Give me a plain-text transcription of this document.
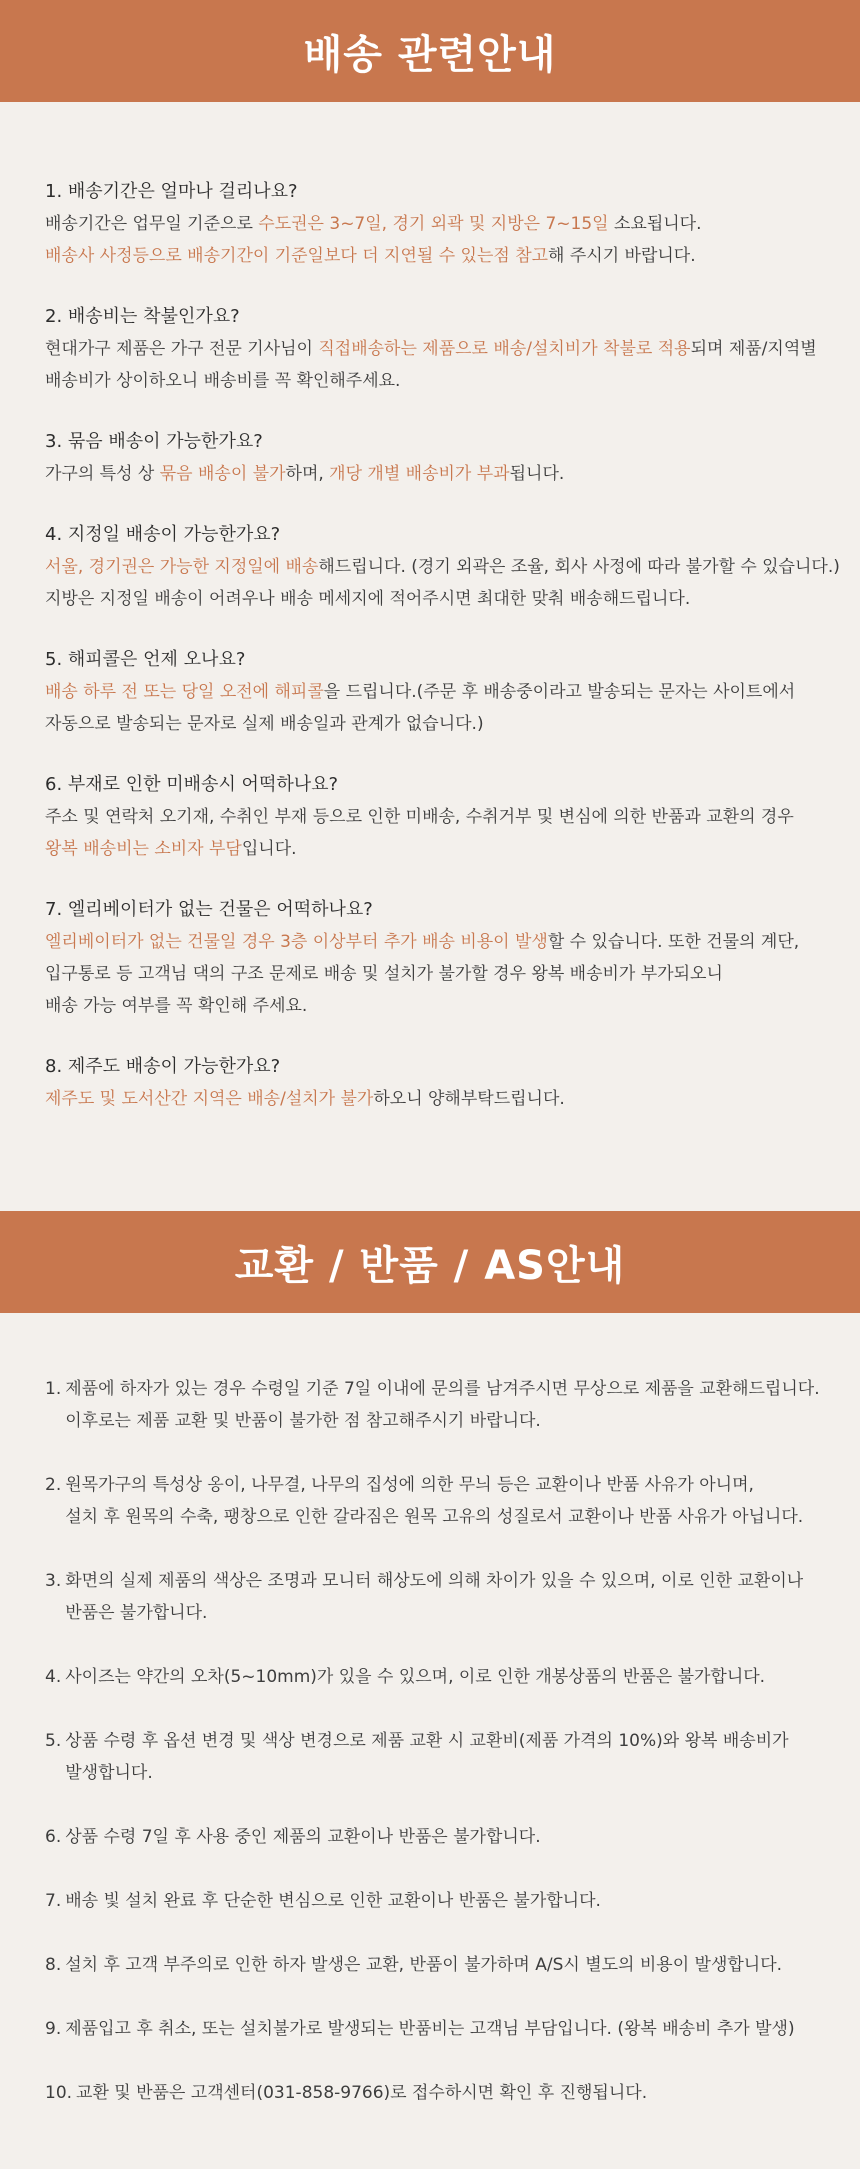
배송 관련안내
1. 배송기간은 얼마나 걸리나요?
배송기간은 업무일 기준으로 수도권은 3~7일, 경기 외곽 및 지방은 7~15일 소요됩니다.
배송사 사정등으로 배송기간이 기준일보다 더 지연될 수 있는점 참고해 주시기 바랍니다.
2. 배송비는 착불인가요?
현대가구 제품은 가구 전문 기사님이 직접배송하는 제품으로 배송/설치비가 착불로 적용되며 제품/지역별
배송비가 상이하오니 배송비를 꼭 확인해주세요.
3. 묶음 배송이 가능한가요?
가구의 특성 상 묶음 배송이 불가하며, 개당 개별 배송비가 부과됩니다.
4. 지정일 배송이 가능한가요?
서울, 경기권은 가능한 지정일에 배송해드립니다. (경기 외곽은 조율, 회사 사정에 따라 불가할 수 있습니다.)
지방은 지정일 배송이 어려우나 배송 메세지에 적어주시면 최대한 맞춰 배송해드립니다.
5. 해피콜은 언제 오나요?
배송 하루 전 또는 당일 오전에 해피콜을 드립니다.(주문 후 배송중이라고 발송되는 문자는 사이트에서
자동으로 발송되는 문자로 실제 배송일과 관계가 없습니다.)
6. 부재로 인한 미배송시 어떡하나요?
주소 및 연락처 오기재, 수취인 부재 등으로 인한 미배송, 수취거부 및 변심에 의한 반품과 교환의 경우
왕복 배송비는 소비자 부담입니다.
7. 엘리베이터가 없는 건물은 어떡하나요?
엘리베이터가 없는 건물일 경우 3층 이상부터 추가 배송 비용이 발생할 수 있습니다. 또한 건물의 계단,
입구통로 등 고객님 댁의 구조 문제로 배송 및 설치가 불가할 경우 왕복 배송비가 부가되오니
배송 가능 여부를 꼭 확인해 주세요.
8. 제주도 배송이 가능한가요?
제주도 및 도서산간 지역은 배송/설치가 불가하오니 양해부탁드립니다.
교환 / 반품 / AS안내
1. 제품에 하자가 있는 경우 수령일 기준 7일 이내에 문의를 남겨주시면 무상으로 제품을 교환해드립니다.
이후로는 제품 교환 및 반품이 불가한 점 참고해주시기 바랍니다.
2. 원목가구의 특성상 옹이, 나무결, 나무의 집성에 의한 무늬 등은 교환이나 반품 사유가 아니며,
설치 후 원목의 수축, 팽창으로 인한 갈라짐은 원목 고유의 성질로서 교환이나 반품 사유가 아닙니다.
3. 화면의 실제 제품의 색상은 조명과 모니터 해상도에 의해 차이가 있을 수 있으며, 이로 인한 교환이나
반품은 불가합니다.
4. 사이즈는 약간의 오차(5~10mm)가 있을 수 있으며, 이로 인한 개봉상품의 반품은 불가합니다.
5. 상품 수령 후 옵션 변경 및 색상 변경으로 제품 교환 시 교환비(제품 가격의 10%)와 왕복 배송비가
발생합니다.
6. 상품 수령 7일 후 사용 중인 제품의 교환이나 반품은 불가합니다.
7. 배송 빛 설치 완료 후 단순한 변심으로 인한 교환이나 반품은 불가합니다.
8. 설치 후 고객 부주의로 인한 하자 발생은 교환, 반품이 불가하며 A/S시 별도의 비용이 발생합니다.
9. 제품입고 후 취소, 또는 설치불가로 발생되는 반품비는 고객님 부담입니다. (왕복 배송비 추가 발생)
10. 교환 및 반품은 고객센터(031-858-9766)로 접수하시면 확인 후 진행됩니다.
